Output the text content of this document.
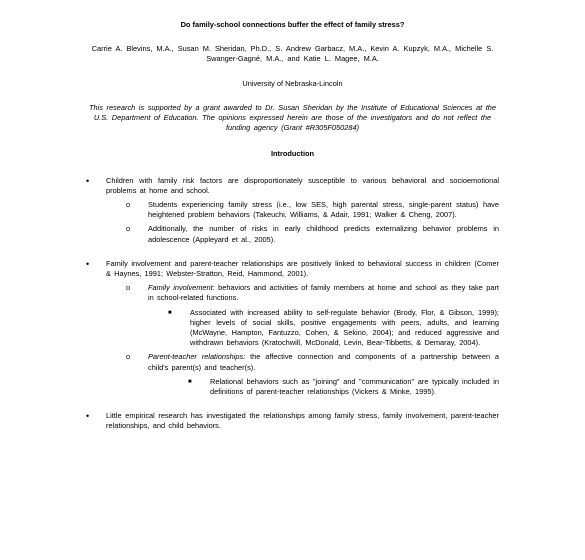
Do family-school connections buffer the effect of family stress?
Carrie A. Blevins, M.A., Susan M. Sheridan, Ph.D., S. Andrew Garbacz, M.A., Kevin A. Kupzyk, M.A., Michelle S.
Swanger-Gagné, M.A., and Katie L. Magee, M.A.
University of Nebraska-Lincoln
This research is supported by a grant awarded to Dr. Susan Sheridan by the Institute of Educational Sciences at the U.S. Department of Education. The opinions expressed herein are those of the investigators and do not reflect the funding agency (Grant #R305F050284)
Introduction
• Children with family risk factors are disproportionately susceptible to various behavioral and socioemotional problems at home and school.
o Students experiencing family stress (i.e., low SES, high parental stress, single-parent status) have heightened problem behaviors (Takeuchi, Williams, & Adair, 1991; Walker & Cheng, 2007).
o Additionally, the number of risks in early childhood predicts externalizing behavior problems in adolescence (Appleyard et al., 2005).
• Family involvement and parent-teacher relationships are positively linked to behavioral success in children (Comer & Haynes, 1991; Webster-Stratton, Reid, Hammond, 2001).
o Family involvement: behaviors and activities of family members at home and school as they take part in school-related functions.
■ Associated with increased ability to self-regulate behavior (Brody, Flor, & Gibson, 1999); higher levels of social skills, positive engagements with peers, adults, and learning (McWayne, Hampton, Fantuzzo, Cohen, & Sekino, 2004); and reduced aggressive and withdrawn behaviors (Kratochwill, McDonald, Levin, Bear-Tibbetts, & Demaray, 2004).
o Parent-teacher relationships: the affective connection and components of a partnership between a child's parent(s) and teacher(s).
■ Relational behaviors such as "joining" and "communication" are typically included in definitions of parent-teacher relationships (Vickers & Minke, 1995).
• Little empirical research has investigated the relationships among family stress, family involvement, parent-teacher relationships, and child behaviors.
